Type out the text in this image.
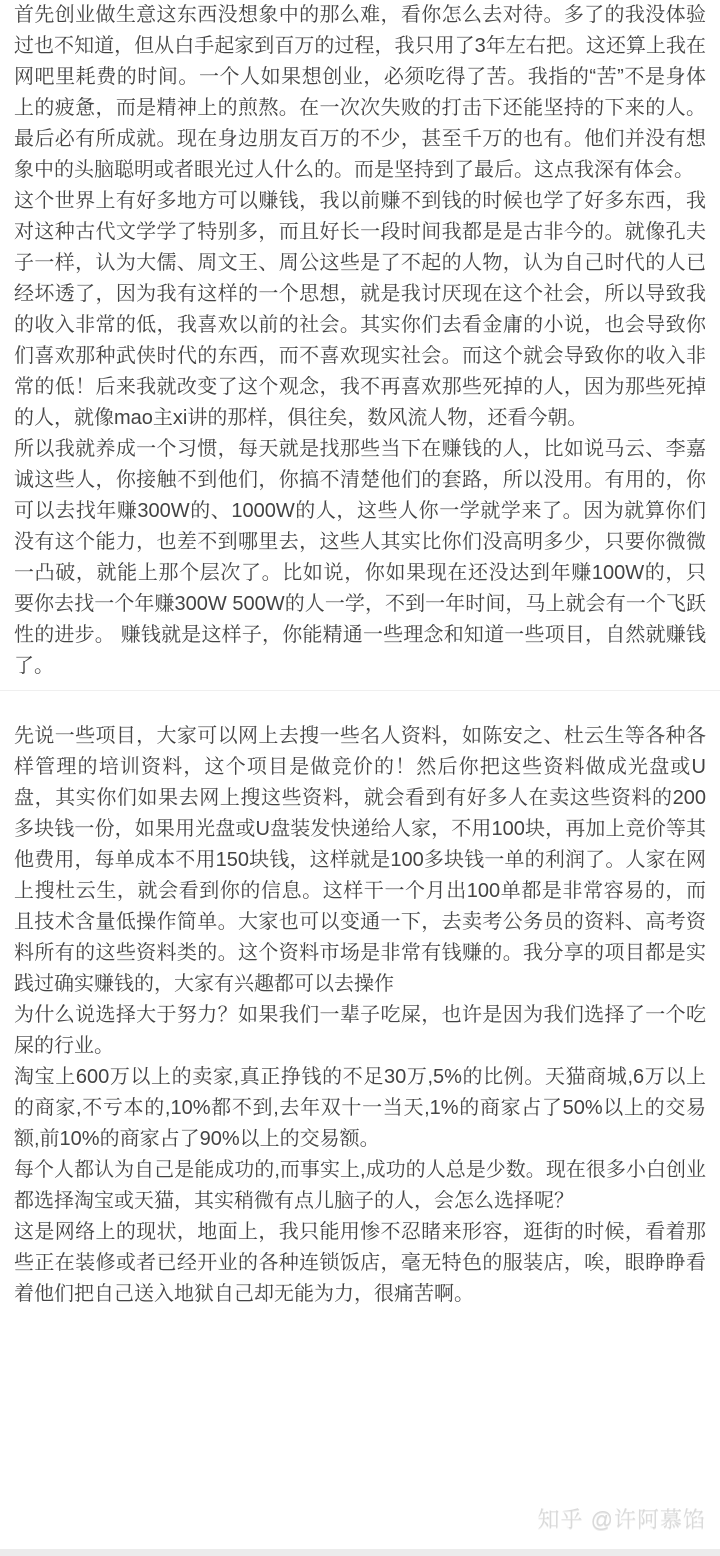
首先创业做生意这东西没想象中的那么难，看你怎么去对待。多了的我没体验过也不知道，但从白手起家到百万的过程，我只用了3年左右把。这还算上我在网吧里耗费的时间。一个人如果想创业，必须吃得了苦。我指的“苦”不是身体上的疲惫，而是精神上的煎熬。在一次次失败的打击下还能坚持的下来的人。最后必有所成就。现在身边朋友百万的不少，甚至千万的也有。他们并没有想象中的头脑聪明或者眼光过人什么的。而是坚持到了最后。这点我深有体会。

这个世界上有好多地方可以赚钱，我以前赚不到钱的时候也学了好多东西，我对这种古代文学学了特别多，而且好长一段时间我都是是古非今的。就像孔夫子一样，认为大儒、周文王、周公这些是了不起的人物，认为自己时代的人已经坏透了，因为我有这样的一个思想，就是我讨厌现在这个社会，所以导致我的收入非常的低，我喜欢以前的社会。其实你们去看金庸的小说，也会导致你们喜欢那种武侠时代的东西，而不喜欢现实社会。而这个就会导致你的收入非常的低！后来我就改变了这个观念，我不再喜欢那些死掉的人，因为那些死掉的人，就像mao主xi讲的那样，俱往矣，数风流人物，还看今朝。

所以我就养成一个习惯，每天就是找那些当下在赚钱的人，比如说马云、李嘉诚这些人，你接触不到他们，你搞不清楚他们的套路，所以没用。有用的，你可以去找年赚300W的、1000W的人，这些人你一学就学来了。因为就算你们没有这个能力，也差不到哪里去，这些人其实比你们没高明多少，只要你微微一凸破，就能上那个层次了。比如说，你如果现在还没达到年赚100W的，只要你去找一个年赚300W 500W的人一学，不到一年时间，马上就会有一个飞跃性的进步。 赚钱就是这样子，你能精通一些理念和知道一些项目，自然就赚钱了。

先说一些项目，大家可以网上去搜一些名人资料，如陈安之、杜云生等各种各样管理的培训资料，这个项目是做竞价的！然后你把这些资料做成光盘或U盘，其实你们如果去网上搜这些资料，就会看到有好多人在卖这些资料的200多块钱一份，如果用光盘或U盘装发快递给人家，不用100块，再加上竞价等其他费用，每单成本不用150块钱，这样就是100多块钱一单的利润了。人家在网上搜杜云生，就会看到你的信息。这样干一个月出100单都是非常容易的，而且技术含量低操作简单。大家也可以变通一下，去卖考公务员的资料、高考资料所有的这些资料类的。这个资料市场是非常有钱赚的。我分享的项目都是实践过确实赚钱的，大家有兴趣都可以去操作

为什么说选择大于努力？如果我们一辈子吃屎，也许是因为我们选择了一个吃屎的行业。

淘宝上600万以上的卖家,真正挣钱的不足30万,5%的比例。天猫商城,6万以上的商家,不亏本的,10%都不到,去年双十一当天,1%的商家占了50%以上的交易额,前10%的商家占了90%以上的交易额。

每个人都认为自己是能成功的,而事实上,成功的人总是少数。现在很多小白创业都选择淘宝或天猫，其实稍微有点儿脑子的人，会怎么选择呢？

这是网络上的现状，地面上，我只能用惨不忍睹来形容，逛街的时候，看着那些正在装修或者已经开业的各种连锁饭店，毫无特色的服装店，唉，眼睁睁看着他们把自己送入地狱自己却无能为力，很痛苦啊。

知乎 @许阿慕馅
